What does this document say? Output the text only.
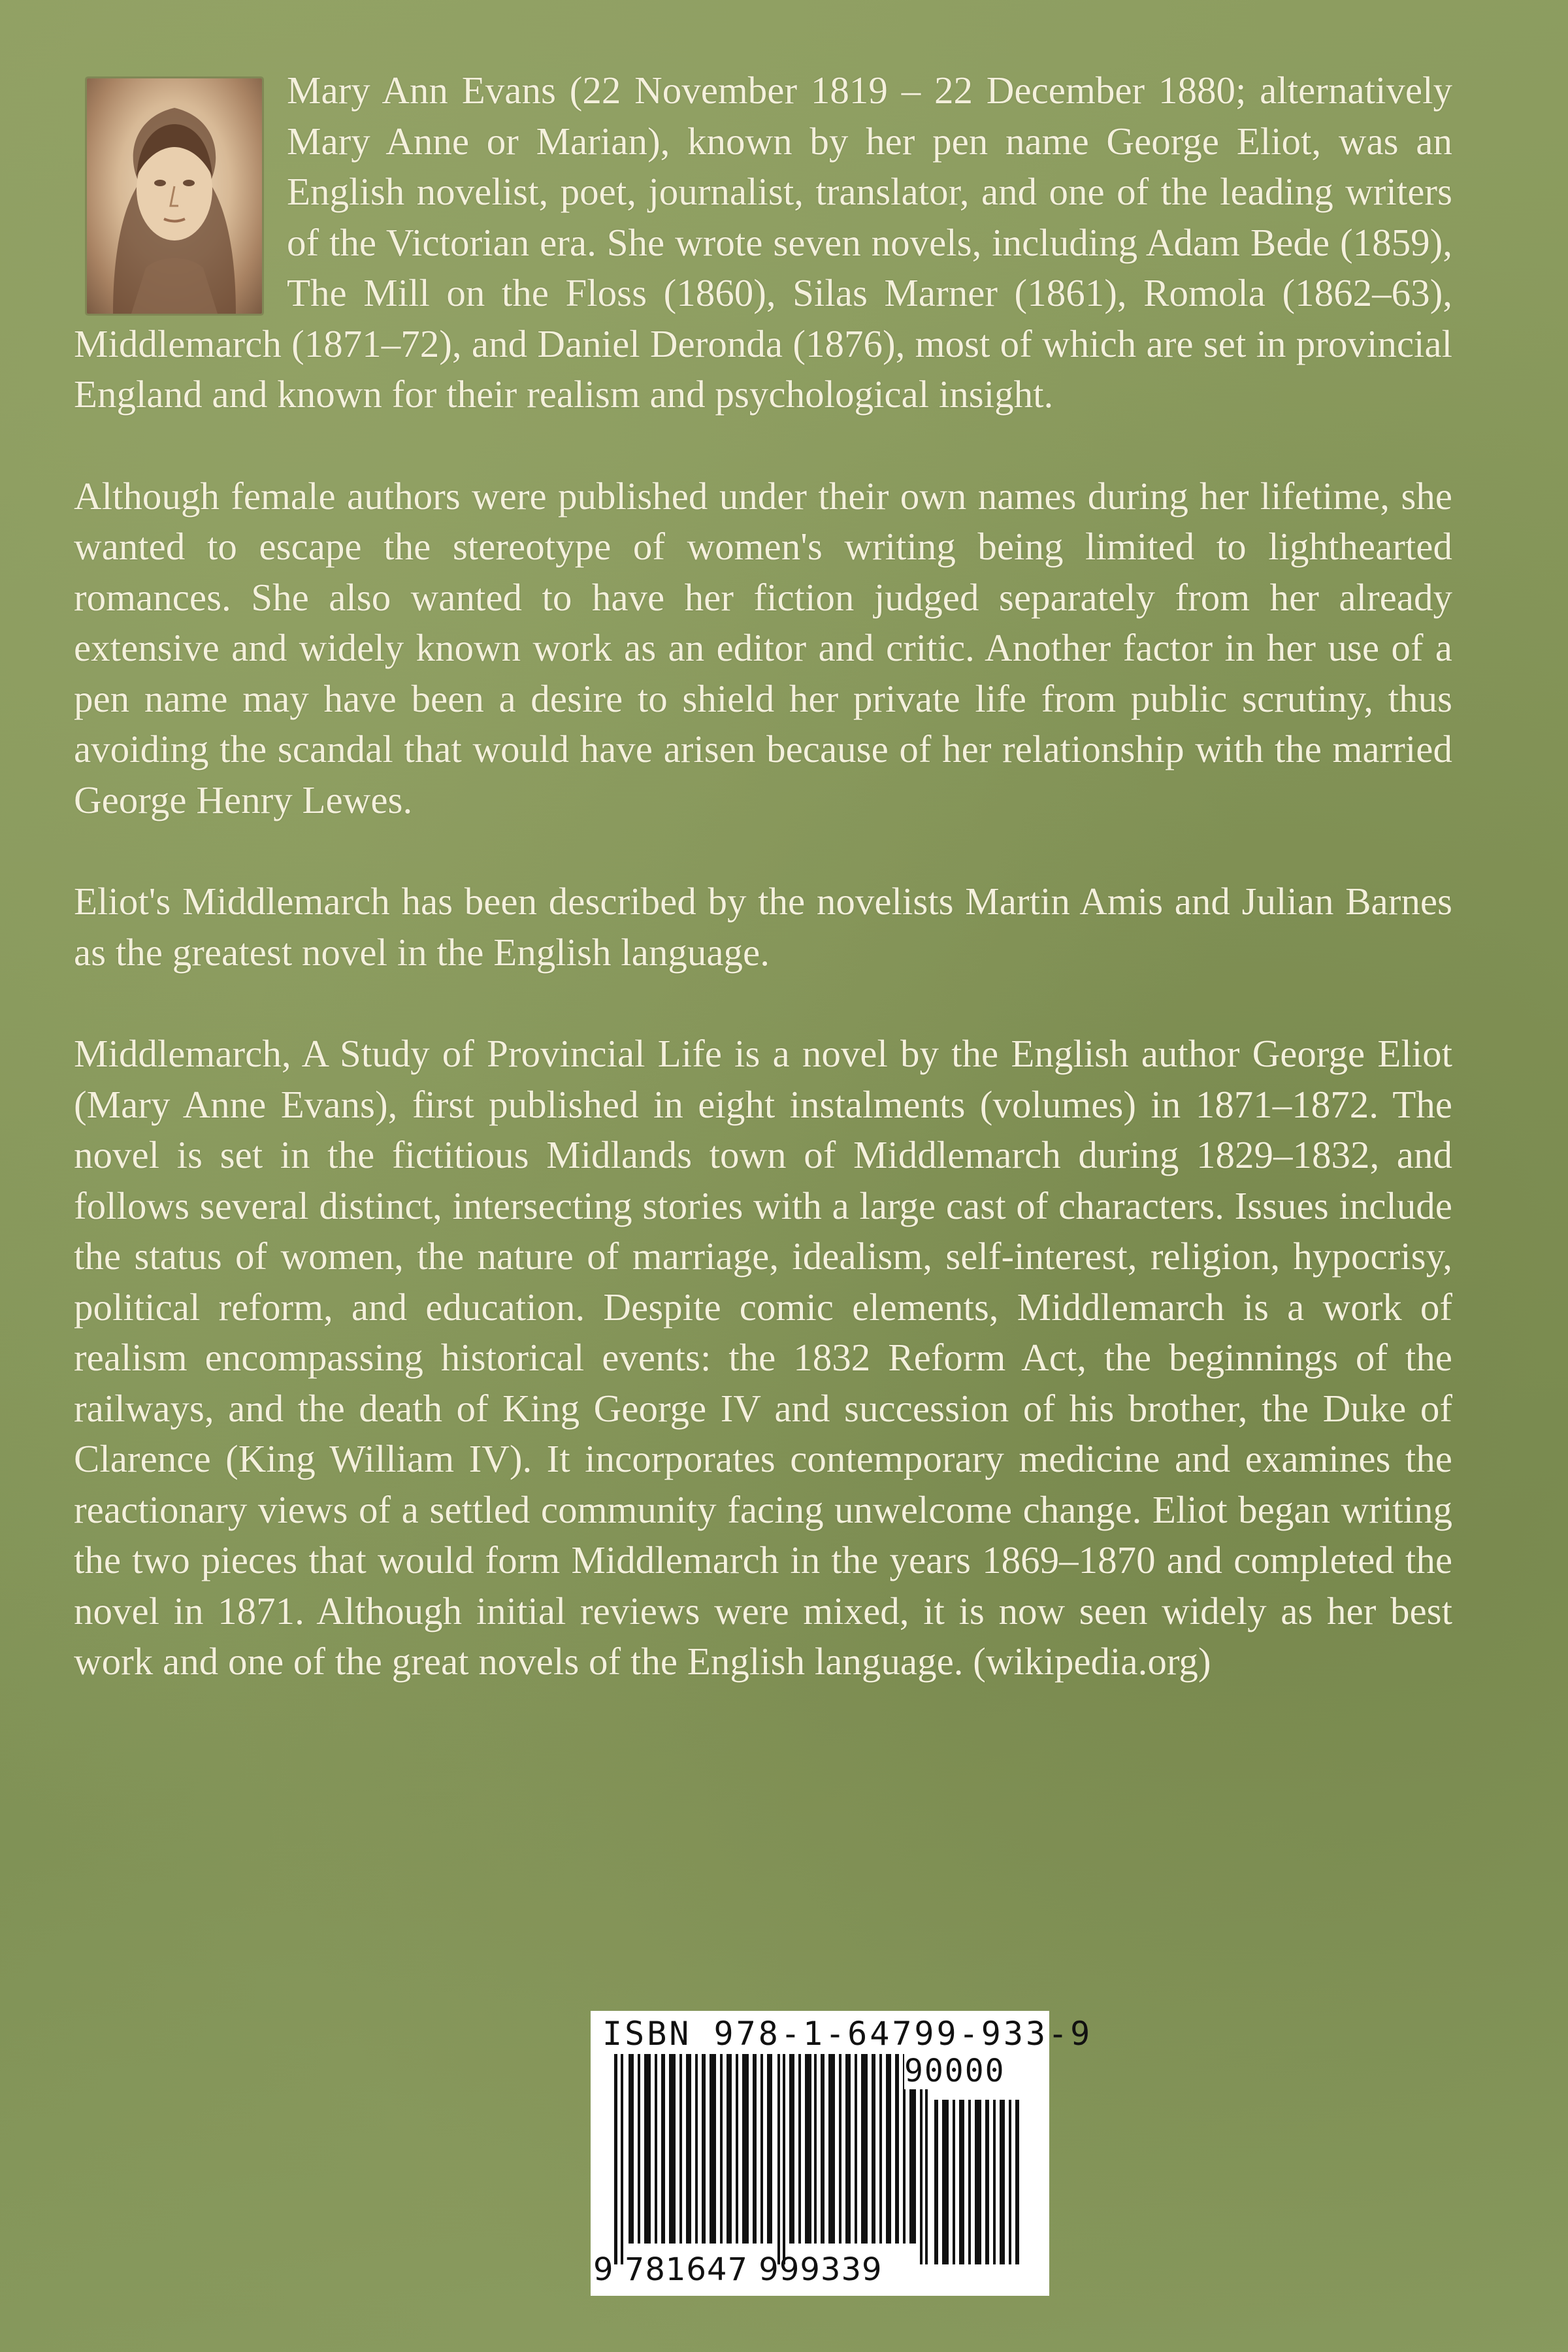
Mary Ann Evans (22 November 1819 – 22 December 1880; alternatively Mary Anne or Marian), known by her pen name George Eliot, was an English novelist, poet, journalist, translator, and one of the leading writers of the Victorian era. She wrote seven novels, including Adam Bede (1859), The Mill on the Floss (1860), Silas Marner (1861), Romola (1862–63), Middlemarch (1871–72), and Daniel Deronda (1876), most of which are set in provincial England and known for their realism and psychological insight.

Although female authors were published under their own names during her lifetime, she wanted to escape the stereotype of women's writing being limited to lighthearted romances. She also wanted to have her fiction judged separately from her already extensive and widely known work as an editor and critic. Another factor in her use of a pen name may have been a desire to shield her private life from public scrutiny, thus avoiding the scandal that would have arisen because of her relationship with the married George Henry Lewes.

Eliot's Middlemarch has been described by the novelists Martin Amis and Julian Barnes as the greatest novel in the English language.

Middlemarch, A Study of Provincial Life is a novel by the English author George Eliot (Mary Anne Evans), first published in eight instalments (volumes) in 1871–1872. The novel is set in the fictitious Midlands town of Middlemarch during 1829–1832, and follows several distinct, intersecting stories with a large cast of characters. Issues include the status of women, the nature of marriage, idealism, self-interest, religion, hypocrisy, political reform, and education. Despite comic elements, Middlemarch is a work of realism encompassing historical events: the 1832 Reform Act, the beginnings of the railways, and the death of King George IV and succession of his brother, the Duke of Clarence (King William IV). It incorporates contemporary medicine and examines the reactionary views of a settled community facing unwelcome change. Eliot began writing the two pieces that would form Middlemarch in the years 1869–1870 and completed the novel in 1871. Although initial reviews were mixed, it is now seen widely as her best work and one of the great novels of the English language. (wikipedia.org)

ISBN 978-1-64799-933-9
90000
9 781647 999339
